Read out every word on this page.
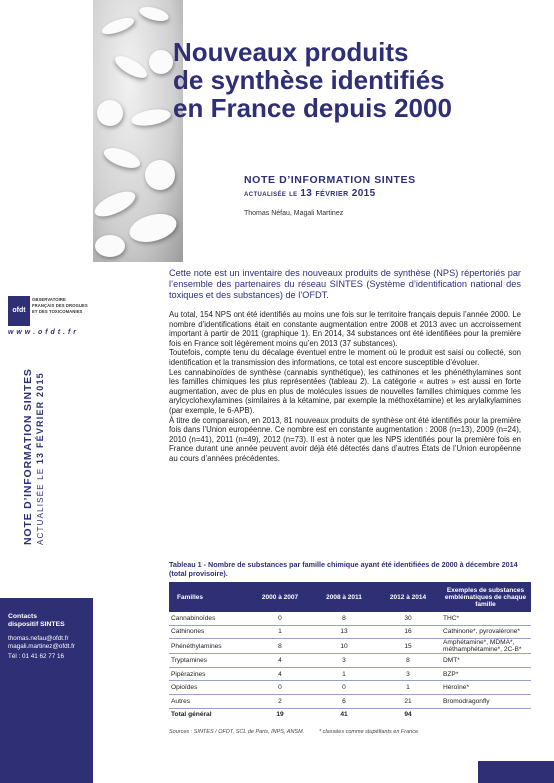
ofdt
OBSERVATOIRE FRANÇAIS DES DROGUES ET DES TOXICOMANIES
w w w . o f d t . f r
NOTE D’INFORMATION SINTES ACTUALISÉE LE 13 FÉVRIER 2015
Contacts
dispositif SINTES
thomas.nefau@ofdt.fr
magali.martinez@ofdt.fr
Tél : 01 41 62 77 16
Nouveaux produits
de synthèse identifiés
en France depuis 2000
NOTE D’INFORMATION SINTES
actualisée le 13 février 2015
Thomas Néfau, Magali Martinez
Cette note est un inventaire des nouveaux produits de synthèse (NPS) répertoriés par l’ensemble des partenaires du réseau SINTES (Système d’identification national des toxiques et des substances) de l’OFDT.

Au total, 154 NPS ont été identifiés au moins une fois sur le territoire français depuis l’année 2000. Le nombre d’identifications était en constante augmentation entre 2008 et 2013 avec un accroissement important à partir de 2011 (graphique 1). En 2014, 34 substances ont été identifiées pour la première fois en France soit légèrement moins qu’en 2013 (37 substances).

Toutefois, compte tenu du décalage éventuel entre le moment où le produit est saisi ou collecté, son identification et la transmission des informations, ce total est encore susceptible d’évoluer.

Les cannabinoïdes de synthèse (cannabis synthétique), les cathinones et les phénéthylamines sont les familles chimiques les plus représentées (tableau 2). La catégorie « autres » est aussi en forte augmentation, avec de plus en plus de molécules issues de nouvelles familles chimiques comme les arylcyclohexylamines (similaires à la kétamine, par exemple la méthoxétamine) et les arylalkylamines (par exemple, le 6-APB).

À titre de comparaison, en 2013, 81 nouveaux produits de synthèse ont été identifiés pour la première fois dans l’Union européenne. Ce nombre est en constante augmentation : 2008 (n=13), 2009 (n=24), 2010 (n=41), 2011 (n=49), 2012 (n=73). Il est à noter que les NPS identifiés pour la première fois en France durant une année peuvent avoir déjà été détectés dans d’autres États de l’Union européenne au cours d’années précédentes.

Tableau 1 - Nombre de substances par famille chimique ayant été identifiées de 2000 à décembre 2014 (total provisoire).
Familles	2000 à 2007	2008 à 2011	2012 à 2014	Exemples de substances emblématiques de chaque famille
Cannabinoïdes	0	8	30	THC*
Cathinones	1	13	16	Cathinone*, pyrovalérone*
Phénéthylamines	8	10	15	Amphétamine*, MDMA*, méthamphétamine*, 2C-B*
Tryptamines	4	3	8	DMT*
Pipérazines	4	1	3	BZP*
Opioïdes	0	0	1	Héroïne*
Autres	2	6	21	Bromodragonfly
Total général	19	41	94	
Sources : SINTES / OFDT, SCL de Paris, INPS, ANSM.	* classées comme stupéfiants en France
